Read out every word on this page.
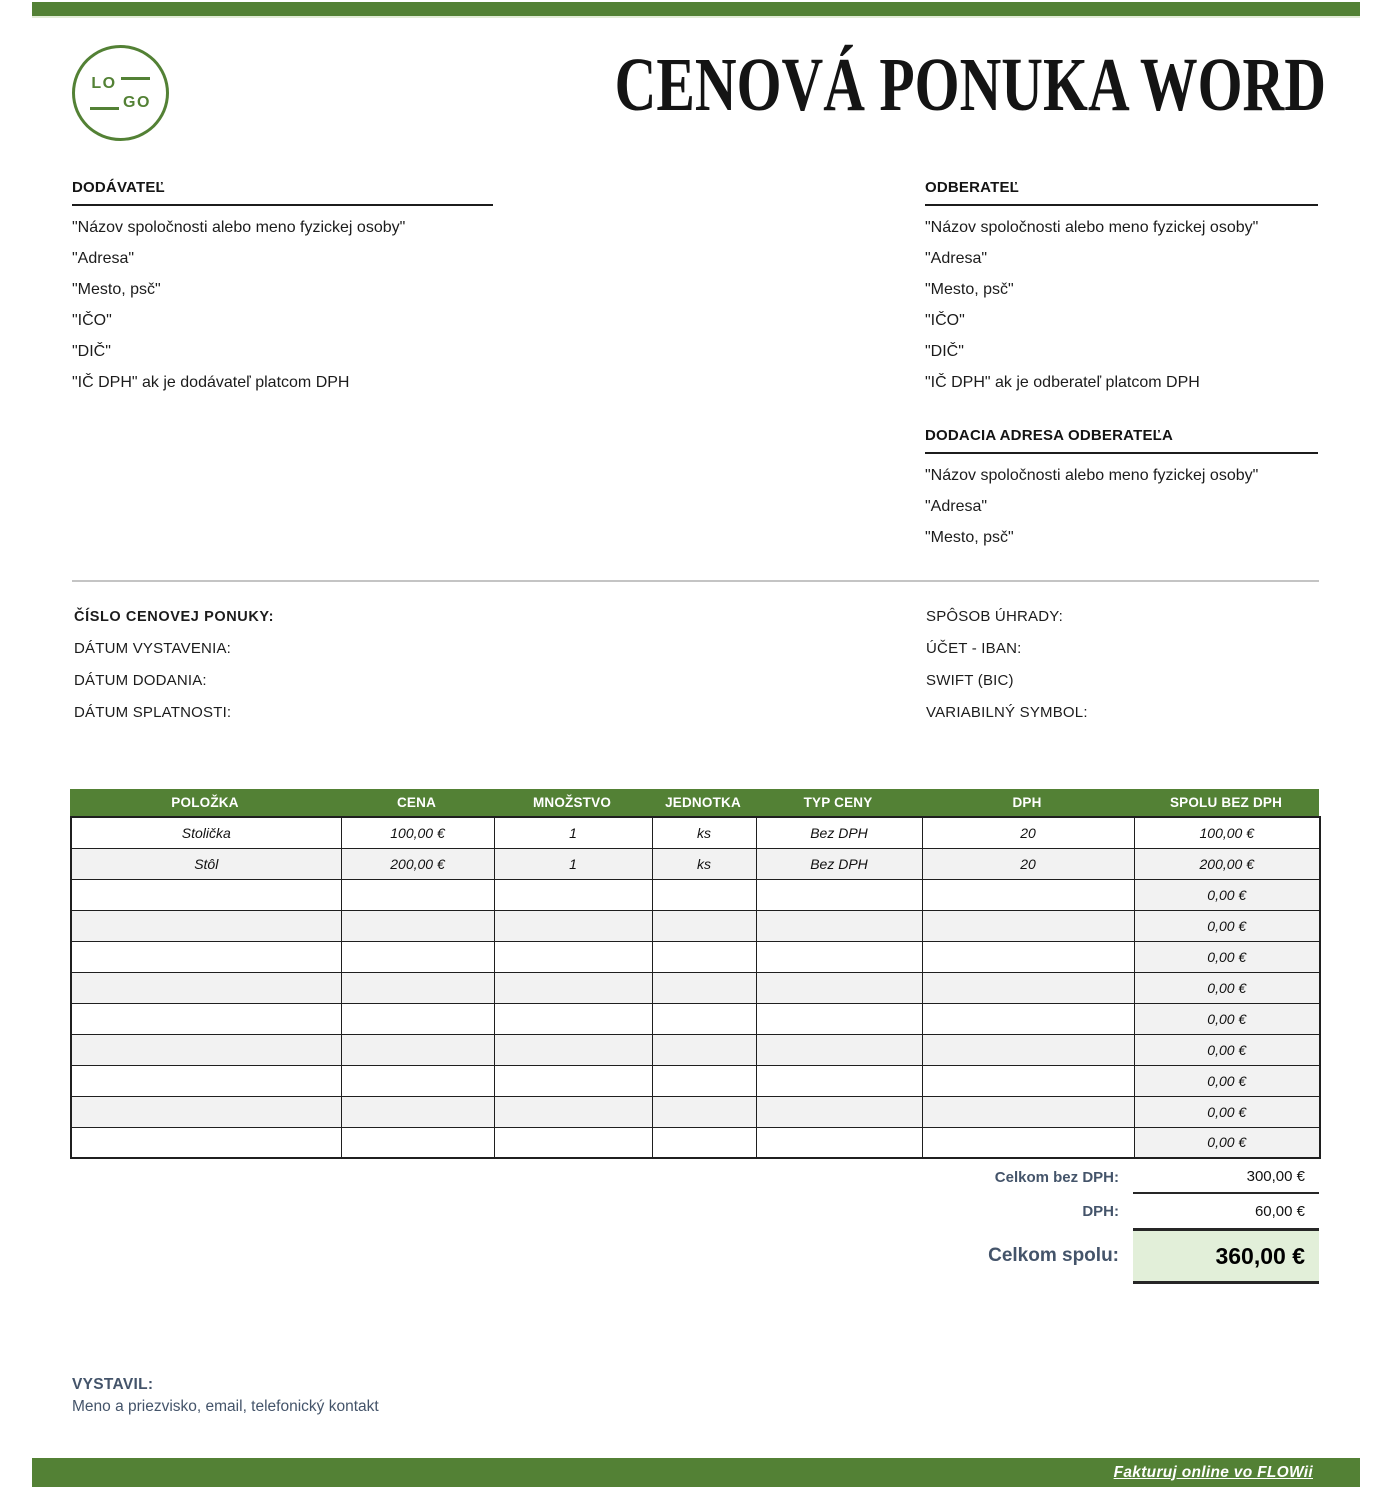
LO
GO	CENOVÁ PONUKA WORD
DODÁVATEĽ
"Názov spoločnosti alebo meno fyzickej osoby"
"Adresa"
"Mesto, psč"
"IČO"
"DIČ"
"IČ DPH" ak je dodávateľ platcom DPH
ODBERATEĽ
"Názov spoločnosti alebo meno fyzickej osoby"
"Adresa"
"Mesto, psč"
"IČO"
"DIČ"
"IČ DPH" ak je odberateľ platcom DPH
DODACIA ADRESA ODBERATEĽA
"Názov spoločnosti alebo meno fyzickej osoby"
"Adresa"
"Mesto, psč"
ČÍSLO CENOVEJ PONUKY:
DÁTUM VYSTAVENIA:
DÁTUM DODANIA:
DÁTUM SPLATNOSTI:
SPÔSOB ÚHRADY:
ÚČET - IBAN:
SWIFT (BIC)
VARIABILNÝ SYMBOL:
POLOŽKA	CENA	MNOŽSTVO	JEDNOTKA	TYP CENY	DPH	SPOLU BEZ DPH
Stolička	100,00 €	1	ks	Bez DPH	20	100,00 €
Stôl	200,00 €	1	ks	Bez DPH	20	200,00 €
						0,00 €
						0,00 €
						0,00 €
						0,00 €
						0,00 €
						0,00 €
						0,00 €
						0,00 €
						0,00 €
Celkom bez DPH:	300,00 €
DPH:	60,00 €
Celkom spolu:	360,00 €
VYSTAVIL:
Meno a priezvisko, email, telefonický kontakt
Fakturuj online vo FLOWii
